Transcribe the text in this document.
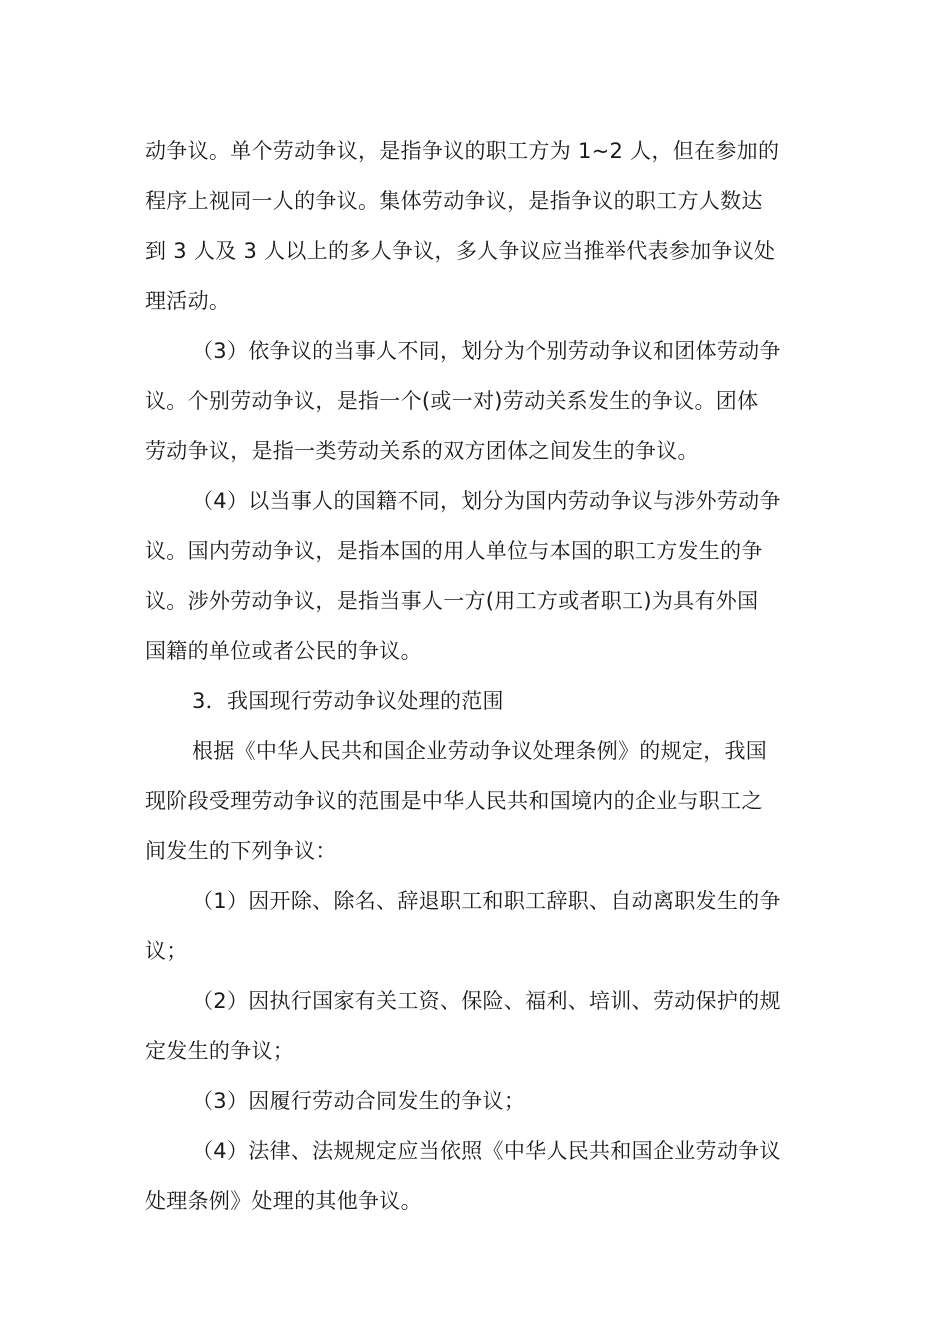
动争议。单个劳动争议，是指争议的职工方为 1~2 人，但在参加的
程序上视同一人的争议。集体劳动争议，是指争议的职工方人数达
到 3 人及 3 人以上的多人争议，多人争议应当推举代表参加争议处
理活动。
（3）依争议的当事人不同，划分为个别劳动争议和团体劳动争
议。个别劳动争议，是指一个(或一对)劳动关系发生的争议。团体
劳动争议，是指一类劳动关系的双方团体之间发生的争议。
（4）以当事人的国籍不同，划分为国内劳动争议与涉外劳动争
议。国内劳动争议，是指本国的用人单位与本国的职工方发生的争
议。涉外劳动争议，是指当事人一方(用工方或者职工)为具有外国
国籍的单位或者公民的争议。
3．我国现行劳动争议处理的范围
根据《中华人民共和国企业劳动争议处理条例》的规定，我国
现阶段受理劳动争议的范围是中华人民共和国境内的企业与职工之
间发生的下列争议：
（1）因开除、除名、辞退职工和职工辞职、自动离职发生的争
议；
（2）因执行国家有关工资、保险、福利、培训、劳动保护的规
定发生的争议；
（3）因履行劳动合同发生的争议；
（4）法律、法规规定应当依照《中华人民共和国企业劳动争议
处理条例》处理的其他争议。
